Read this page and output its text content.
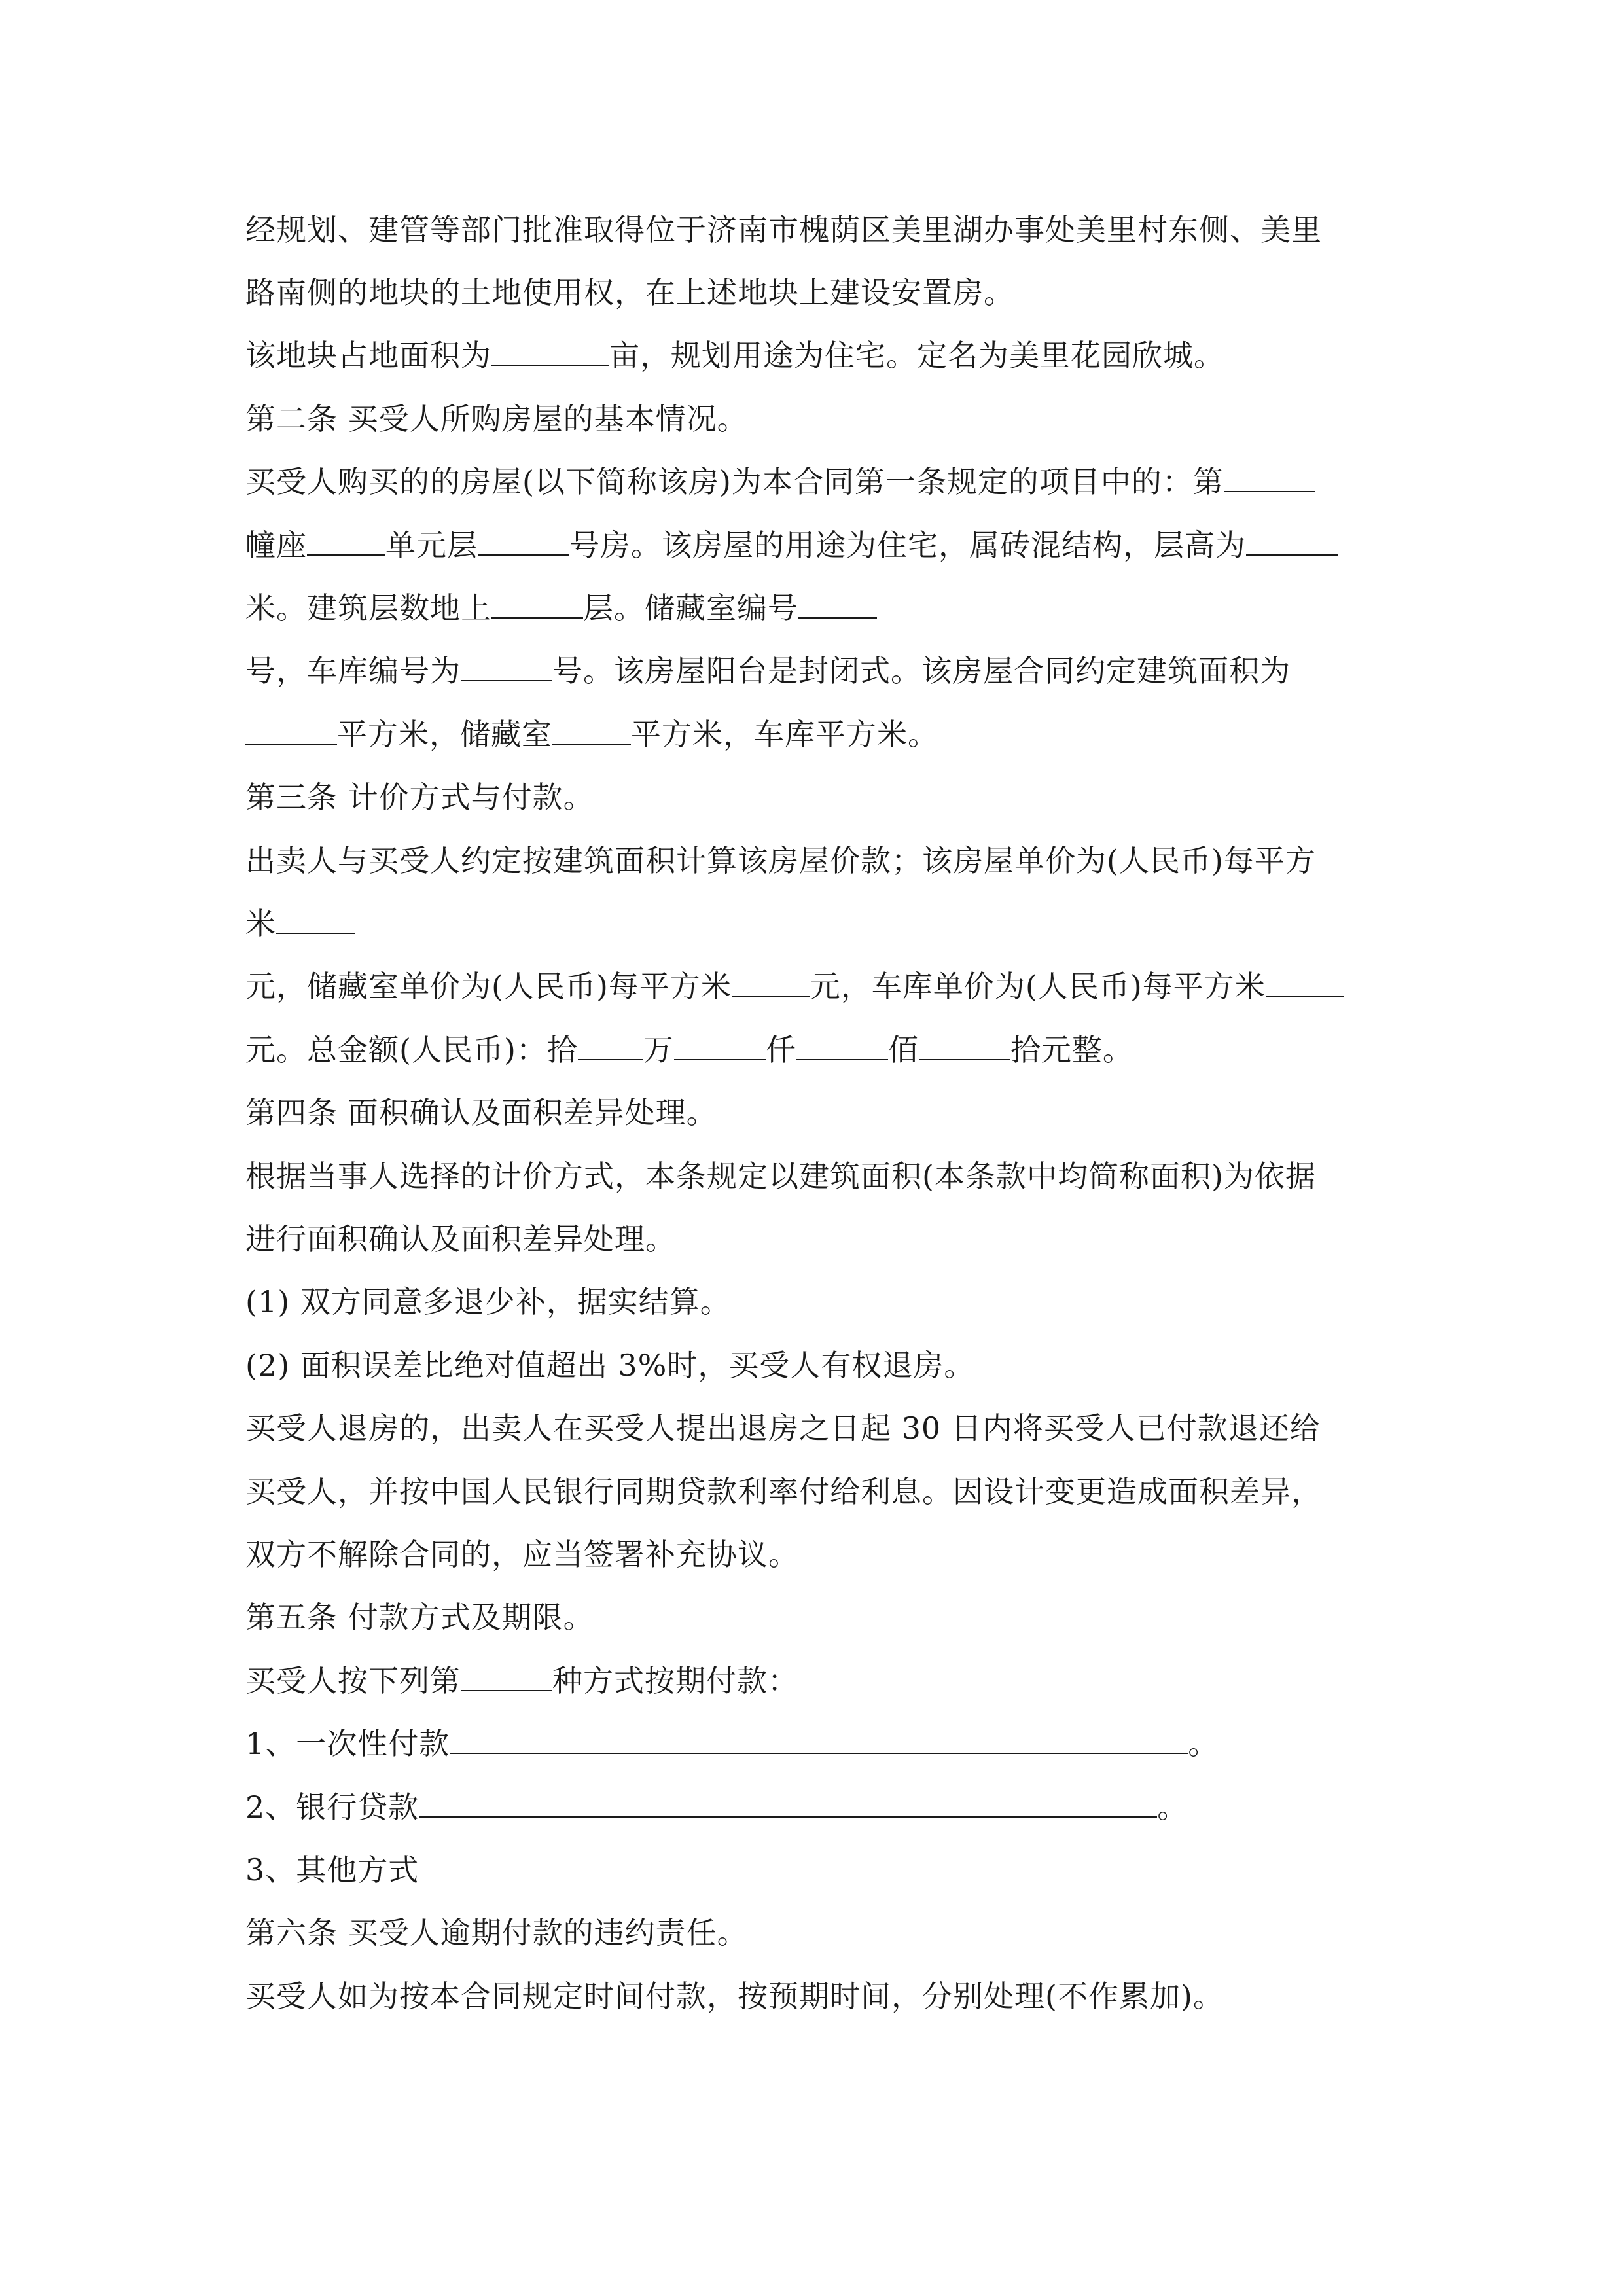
经规划、建管等部门批准取得位于济南市槐荫区美里湖办事处美里村东侧、美里
路南侧的地块的土地使用权，在上述地块上建设安置房。
该地块占地面积为	亩，规划用途为住宅。定名为美里花园欣城。
第二条 买受人所购房屋的基本情况。
买受人购买的的房屋(以下简称该房)为本合同第一条规定的项目中的：第
幢座	单元层	号房。该房屋的用途为住宅，属砖混结构，层高为
米。建筑层数地上	层。储藏室编号
号，车库编号为	号。该房屋阳台是封闭式。该房屋合同约定建筑面积为
平方米，储藏室	平方米，车库平方米。
第三条 计价方式与付款。
出卖人与买受人约定按建筑面积计算该房屋价款；该房屋单价为(人民币)每平方
米
元，储藏室单价为(人民币)每平方米	元，车库单价为(人民币)每平方米
元。总金额(人民币)：拾 万	仟	佰	拾元整。
第四条 面积确认及面积差异处理。
根据当事人选择的计价方式，本条规定以建筑面积(本条款中均简称面积)为依据
进行面积确认及面积差异处理。
(1) 双方同意多退少补，据实结算。
(2) 面积误差比绝对值超出 3%时，买受人有权退房。
买受人退房的，出卖人在买受人提出退房之日起 30 日内将买受人已付款退还给
买受人，并按中国人民银行同期贷款利率付给利息。因设计变更造成面积差异，
双方不解除合同的，应当签署补充协议。
第五条 付款方式及期限。
买受人按下列第	种方式按期付款：
1、一次性付款	。
2、银行贷款	。
3、其他方式
第六条 买受人逾期付款的违约责任。
买受人如为按本合同规定时间付款，按预期时间，分别处理(不作累加)。
